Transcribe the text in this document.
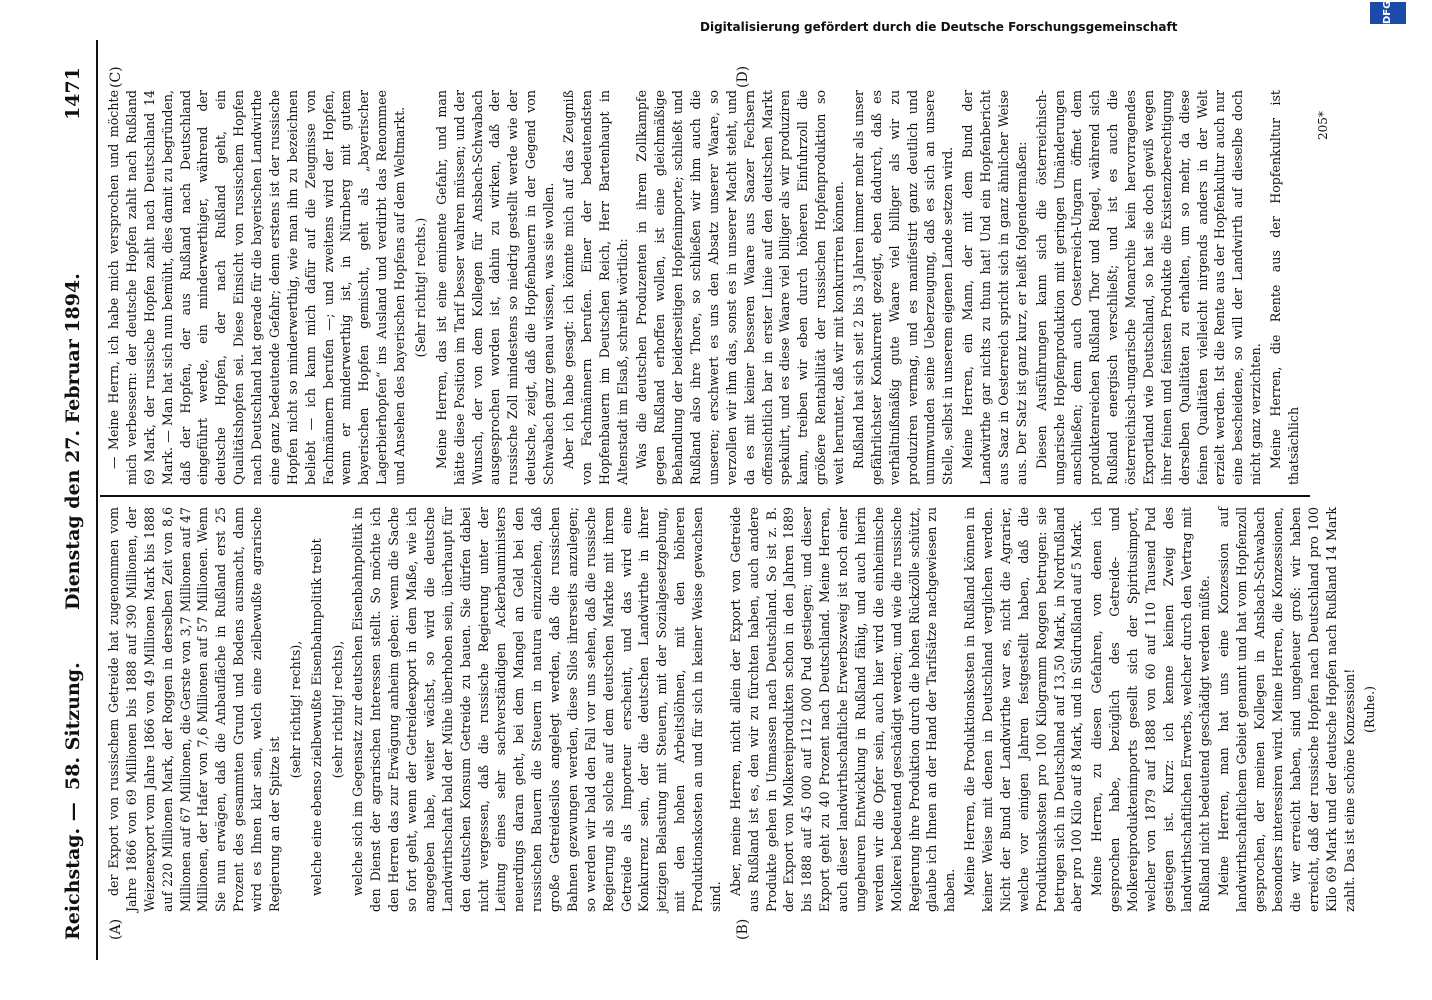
Reichstag. —
58. Sitzung.
Dienstag den 27. Februar 1894.
1471
(A)	(B)
(C)	(D)

der Export von russischem Getreide hat zugenommen vom Jahre 1866 von 69 Millionen bis 1888 auf 390 Millionen, der Weizenexport vom Jahre 1866 von 49 Millionen Mark bis 1888 auf 220 Millionen Mark, der Roggen in derselben Zeit von 8,6 Millionen auf 67 Millionen, die Gerste von 3,7 Millionen auf 47 Millionen, der Hafer von 7,6 Millionen auf 57 Millionen. Wenn Sie nun erwägen, daß die Anbaufläche in Rußland erst 25 Prozent des gesammten Grund und Bodens ausmacht, dann wird es Ihnen klar sein, welch eine zielbewußte agrarische Regierung an der Spitze ist

(sehr richtig! rechts), welche eine ebenso zielbewußte Eisenbahnpolitik treibt (sehr richtig! rechts), welche sich im Gegensatz zur deutschen Eisenbahnpolitik in den Dienst der agrarischen Interessen stellt. So möchte ich den Herren das zur Erwägung anheim geben: wenn die Sache so fort geht, wenn der Getreideexport in dem Maße, wie ich angegeben habe, weiter wächst, so wird die deutsche Landwirthschaft bald der Mühe überhoben sein, überhaupt für den deutschen Konsum Getreide zu bauen. Sie dürfen dabei nicht vergessen, daß die russische Regierung unter der Leitung eines sehr sachverständigen Ackerbauministers neuerdings daran geht, bei dem Mangel an Geld bei den russischen Bauern die Steuern in natura einzuziehen, daß große Getreidesilos angelegt werden, daß die russischen Bahnen gezwungen werden, diese Silos ihrerseits anzulegen; so werden wir bald den Fall vor uns sehen, daß die russische Regierung als solche auf dem deutschen Markte mit ihrem Getreide als Importeur erscheint, und das wird eine Konkurrenz sein, der die deutschen Landwirthe in ihrer jetzigen Belastung mit Steuern, mit der Sozialgesetzgebung, mit den hohen Arbeitslöhnen, mit den höheren Produktionskosten an und für sich in keiner Weise gewachsen sind.

Aber, meine Herren, nicht allein der Export von Getreide aus Rußland ist es, den wir zu fürchten haben, auch andere Produkte gehen in Unmassen nach Deutschland. So ist z. B. der Export von Molkereiprodukten schon in den Jahren 1889 bis 1888 auf 45 000 auf 112 000 Pud gestiegen; und dieser Export geht zu 40 Prozent nach Deutschland. Meine Herren, auch dieser landwirthschaftliche Erwerbszweig ist noch einer ungeheuren Entwicklung in Rußland fähig, und auch hierin werden wir die Opfer sein, auch hier wird die einheimische Molkerei bedeutend geschädigt werden; und wie die russische Regierung ihre Produktion durch die hohen Rückzölle schützt, glaube ich Ihnen an der Hand der Tarifsätze nachgewiesen zu haben. Meine Herren, die Produktionskosten in Rußland können in keiner Weise mit denen in Deutschland verglichen werden. Nicht der Bund der Landwirthe war es, nicht die Agrarier, welche vor einigen Jahren festgestellt haben, daß die Produktionskosten pro 100 Kilogramm Roggen betrugen: sie betrugen sich in Deutschland auf 13,50 Mark, in Nordrußland aber pro 100 Kilo auf 8 Mark, und in Südrußland auf 5 Mark. Meine Herren, zu diesen Gefahren, von denen ich gesprochen habe, bezüglich des Getreide- und Molkereiproduktenimports gesellt sich der Spiritusimport, welcher von 1879 auf 1888 von 60 auf 110 Tausend Pud gestiegen ist. Kurz: ich kenne keinen Zweig des landwirthschaftlichen Erwerbs, welcher durch den Vertrag mit Rußland nicht bedeutend geschädigt werden müßte. Meine Herren, man hat uns eine Konzession auf landwirthschaftlichem Gebiet genannt und hat vom Hopfenzoll gesprochen, der meinen Kollegen in Ansbach-Schwabach besonders interessiren wird. Meine Herren, die Konzessionen, die wir erreicht haben, sind ungeheuer groß: wir haben erreicht, daß der russische Hopfen nach Deutschland pro 100 Kilo 69 Mark und der deutsche Hopfen nach Rußland 14 Mark zahlt. Das ist eine schöne Konzession! (Ruhe.)

— Meine Herrn, ich habe mich versprochen und möchte mich verbessern: der deutsche Hopfen zahlt nach Rußland 69 Mark, der russische Hopfen zahlt nach Deutschland 14 Mark. — Man hat sich nun bemüht, dies damit zu begründen, daß der Hopfen, der aus Rußland nach Deutschland eingeführt werde, ein minderwerthiger, während der deutsche Hopfen, der nach Rußland geht, ein Qualitätshopfen sei. Diese Einsicht von russischem Hopfen nach Deutschland hat gerade für die bayerischen Landwirthe eine ganz bedeutende Gefahr; denn erstens ist der russische Hopfen nicht so minderwerthig, wie man ihn zu bezeichnen beliebt — ich kann mich dafür auf die Zeugnisse von Fachmännern berufen —; und zweitens wird der Hopfen, wenn er minderwerthig ist, in Nürnberg mit gutem bayerischen Hopfen gemischt, geht als „bayerischer Lagerbierhopfen“ ins Ausland und verdirbt das Renommee und Ansehen des bayerischen Hopfens auf dem Weltmarkt. (Sehr richtig! rechts.) Meine Herren, das ist eine eminente Gefahr, und man hätte diese Position im Tarif besser wahren müssen; und der Wunsch, der von dem Kollegen für Ansbach-Schwabach ausgesprochen worden ist, dahin zu wirken, daß der russische Zoll mindestens so niedrig gestellt werde wie der deutsche, zeigt, daß die Hopfenbauern in der Gegend von Schwabach ganz genau wissen, was sie wollen. Aber ich habe gesagt: ich könnte mich auf das Zeugniß von Fachmännern berufen. Einer der bedeutendsten Hopfenbauern im Deutschen Reich, Herr Bartenhaupt in Altenstadt im Elsaß, schreibt wörtlich: Was die deutschen Produzenten in ihrem Zollkampfe gegen Rußland erhoffen wollen, ist eine gleichmäßige Behandlung der beiderseitigen Hopfenimporte; schließt und Rußland also ihre Thore, so schließen wir ihm auch die unseren; erschwert es uns den Absatz unserer Waare, so verzollen wir ihm das, sonst es in unserer Macht steht, und da es mit keiner besseren Waare aus Saazer Fechsern offensichtlich bar in erster Linie auf den deutschen Markt spekulirt, und es diese Waare viel billiger als wir produziren kann, treiben wir eben durch höheren Einfuhrzoll die größere Rentabilität der russischen Hopfenproduktion so weit herunter, daß wir mit konkurriren können. Rußland hat sich seit 2 bis 3 Jahren immer mehr als unser gefährlichster Konkurrent gezeigt, eben dadurch, daß es verhältnißmäßig gute Waare viel billiger als wir zu produziren vermag, und es manifestirt ganz deutlich und unumwunden seine Ueberzeugung, daß es sich an unsere Stelle, selbst in unserem eigenen Lande setzen wird. Meine Herren, ein Mann, der mit dem Bund der Landwirthe gar nichts zu thun hat! Und ein Hopfenbericht aus Saaz in Oesterreich spricht sich in ganz ähnlicher Weise aus. Der Satz ist ganz kurz, er heißt folgendermaßen: Diesen Ausführungen kann sich die österreichisch-ungarische Hopfenproduktion mit geringen Umänderungen anschließen; denn auch Oesterreich-Ungarn öffnet dem produktenreichen Rußland Thor und Riegel, während sich Rußland energisch verschließt; und ist es auch die österreichisch-ungarische Monarchie kein hervorragendes Exportland wie Deutschland, so hat sie doch gewiß wegen ihrer feinen und feinsten Produkte die Existenzberechtigung derselben Qualitäten zu erhalten, um so mehr, da diese feinen Qualitäten vielleicht nirgends anders in der Welt erzielt werden. Ist die Rente aus der Hopfenkultur auch nur eine bescheidene, so will der Landwirth auf dieselbe doch nicht ganz verzichten. Meine Herren, die Rente aus der Hopfenkultur ist thatsächlich

205*
Digitalisierung gefördert durch die Deutsche Forschungsgemeinschaft
DFG
